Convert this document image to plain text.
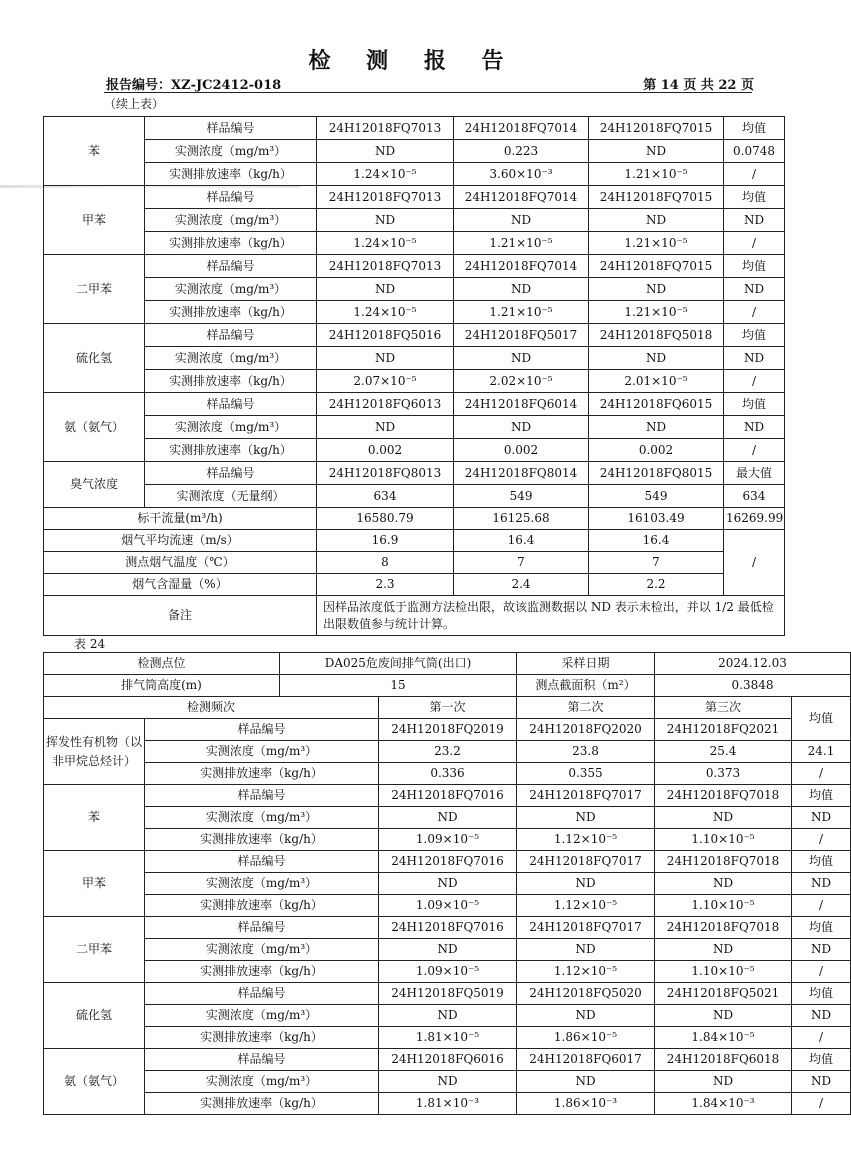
检 测 报 告
报告编号：XZ-JC2412-018	第 14 页 共 22 页
（续上表）
苯	样品编号	24H12018FQ7013	24H12018FQ7014	24H12018FQ7015	均值
	实测浓度（mg/m³）	ND	0.223	ND	0.0748
	实测排放速率（kg/h）	1.24×10⁻⁵	3.60×10⁻³	1.21×10⁻⁵	/
甲苯	样品编号	24H12018FQ7013	24H12018FQ7014	24H12018FQ7015	均值
	实测浓度（mg/m³）	ND	ND	ND	ND
	实测排放速率（kg/h）	1.24×10⁻⁵	1.21×10⁻⁵	1.21×10⁻⁵	/
二甲苯	样品编号	24H12018FQ7013	24H12018FQ7014	24H12018FQ7015	均值
	实测浓度（mg/m³）	ND	ND	ND	ND
	实测排放速率（kg/h）	1.24×10⁻⁵	1.21×10⁻⁵	1.21×10⁻⁵	/
硫化氢	样品编号	24H12018FQ5016	24H12018FQ5017	24H12018FQ5018	均值
	实测浓度（mg/m³）	ND	ND	ND	ND
	实测排放速率（kg/h）	2.07×10⁻⁵	2.02×10⁻⁵	2.01×10⁻⁵	/
氨（氨气）	样品编号	24H12018FQ6013	24H12018FQ6014	24H12018FQ6015	均值
	实测浓度（mg/m³）	ND	ND	ND	ND
	实测排放速率（kg/h）	0.002	0.002	0.002	/
臭气浓度	样品编号	24H12018FQ8013	24H12018FQ8014	24H12018FQ8015	最大值
	实测浓度（无量纲）	634	549	549	634
标干流量(m³/h)		16580.79	16125.68	16103.49	16269.99
烟气平均流速（m/s）		16.9	16.4	16.4	/
测点烟气温度（℃）		8	7	7	
烟气含湿量（%）		2.3	2.4	2.2	
备注		因样品浓度低于监测方法检出限，故该监测数据以 ND 表示未检出，并以 1/2 最低检出限数值参与统计计算。			
表 24
检测点位		DA025危废间排气筒(出口)		采样日期	2024.12.03	
排气筒高度(m)		15		测点截面积（m²）	0.3848	
检测频次			第一次	第二次	第三次	均值
挥发性有机物（以非甲烷总烃计）	样品编号		24H12018FQ2019	24H12018FQ2020	24H12018FQ2021	
	实测浓度（mg/m³）		23.2	23.8	25.4	24.1
	实测排放速率（kg/h）		0.336	0.355	0.373	/
苯	样品编号		24H12018FQ7016	24H12018FQ7017	24H12018FQ7018	均值
	实测浓度（mg/m³）		ND	ND	ND	ND
	实测排放速率（kg/h）		1.09×10⁻⁵	1.12×10⁻⁵	1.10×10⁻⁵	/
甲苯	样品编号		24H12018FQ7016	24H12018FQ7017	24H12018FQ7018	均值
	实测浓度（mg/m³）		ND	ND	ND	ND
	实测排放速率（kg/h）		1.09×10⁻⁵	1.12×10⁻⁵	1.10×10⁻⁵	/
二甲苯	样品编号		24H12018FQ7016	24H12018FQ7017	24H12018FQ7018	均值
	实测浓度（mg/m³）		ND	ND	ND	ND
	实测排放速率（kg/h）		1.09×10⁻⁵	1.12×10⁻⁵	1.10×10⁻⁵	/
硫化氢	样品编号		24H12018FQ5019	24H12018FQ5020	24H12018FQ5021	均值
	实测浓度（mg/m³）		ND	ND	ND	ND
	实测排放速率（kg/h）		1.81×10⁻⁵	1.86×10⁻⁵	1.84×10⁻⁵	/
氨（氨气）	样品编号		24H12018FQ6016	24H12018FQ6017	24H12018FQ6018	均值
	实测浓度（mg/m³）		ND	ND	ND	ND
	实测排放速率（kg/h）		1.81×10⁻³	1.86×10⁻³	1.84×10⁻³	/
